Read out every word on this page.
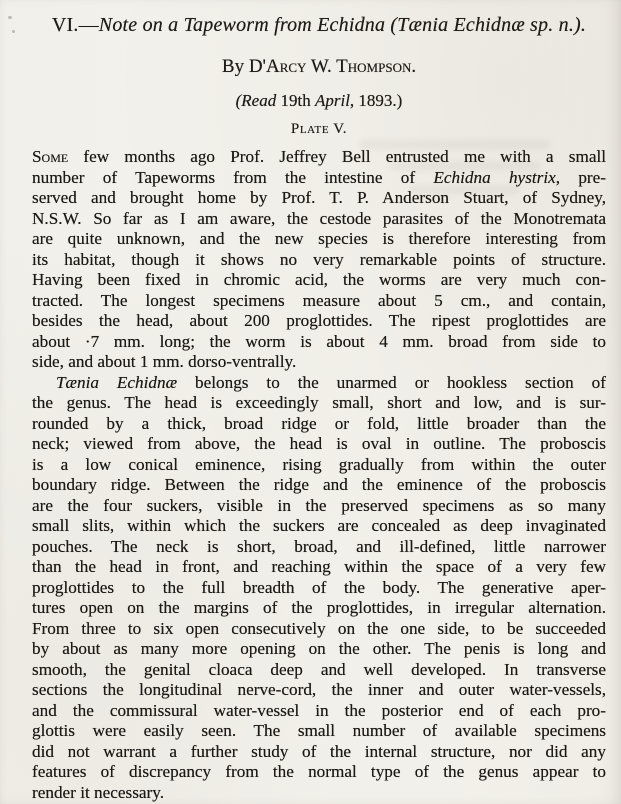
VI.—Note on a Tapeworm from Echidna (Tænia Echidnæ sp. n.).
By D'Arcy W. Thompson.
(Read 19th April, 1893.)
Plate V.
Some few months ago Prof. Jeffrey Bell entrusted me with a small
number of Tapeworms from the intestine of Echidna hystrix, pre-
served and brought home by Prof. T. P. Anderson Stuart, of Sydney,
N.S.W. So far as I am aware, the cestode parasites of the Monotremata
are quite unknown, and the new species is therefore interesting from
its habitat, though it shows no very remarkable points of structure.
Having been fixed in chromic acid, the worms are very much con-
tracted. The longest specimens measure about 5 cm., and contain,
besides the head, about 200 proglottides. The ripest proglottides are
about ·7 mm. long; the worm is about 4 mm. broad from side to
side, and about 1 mm. dorso-ventrally.
Tænia Echidnæ belongs to the unarmed or hookless section of
the genus. The head is exceedingly small, short and low, and is sur-
rounded by a thick, broad ridge or fold, little broader than the
neck; viewed from above, the head is oval in outline. The proboscis
is a low conical eminence, rising gradually from within the outer
boundary ridge. Between the ridge and the eminence of the proboscis
are the four suckers, visible in the preserved specimens as so many
small slits, within which the suckers are concealed as deep invaginated
pouches. The neck is short, broad, and ill-defined, little narrower
than the head in front, and reaching within the space of a very few
proglottides to the full breadth of the body. The generative aper-
tures open on the margins of the proglottides, in irregular alternation.
From three to six open consecutively on the one side, to be succeeded
by about as many more opening on the other. The penis is long and
smooth, the genital cloaca deep and well developed. In transverse
sections the longitudinal nerve-cord, the inner and outer water-vessels,
and the commissural water-vessel in the posterior end of each pro-
glottis were easily seen. The small number of available specimens
did not warrant a further study of the internal structure, nor did any
features of discrepancy from the normal type of the genus appear to
render it necessary.
